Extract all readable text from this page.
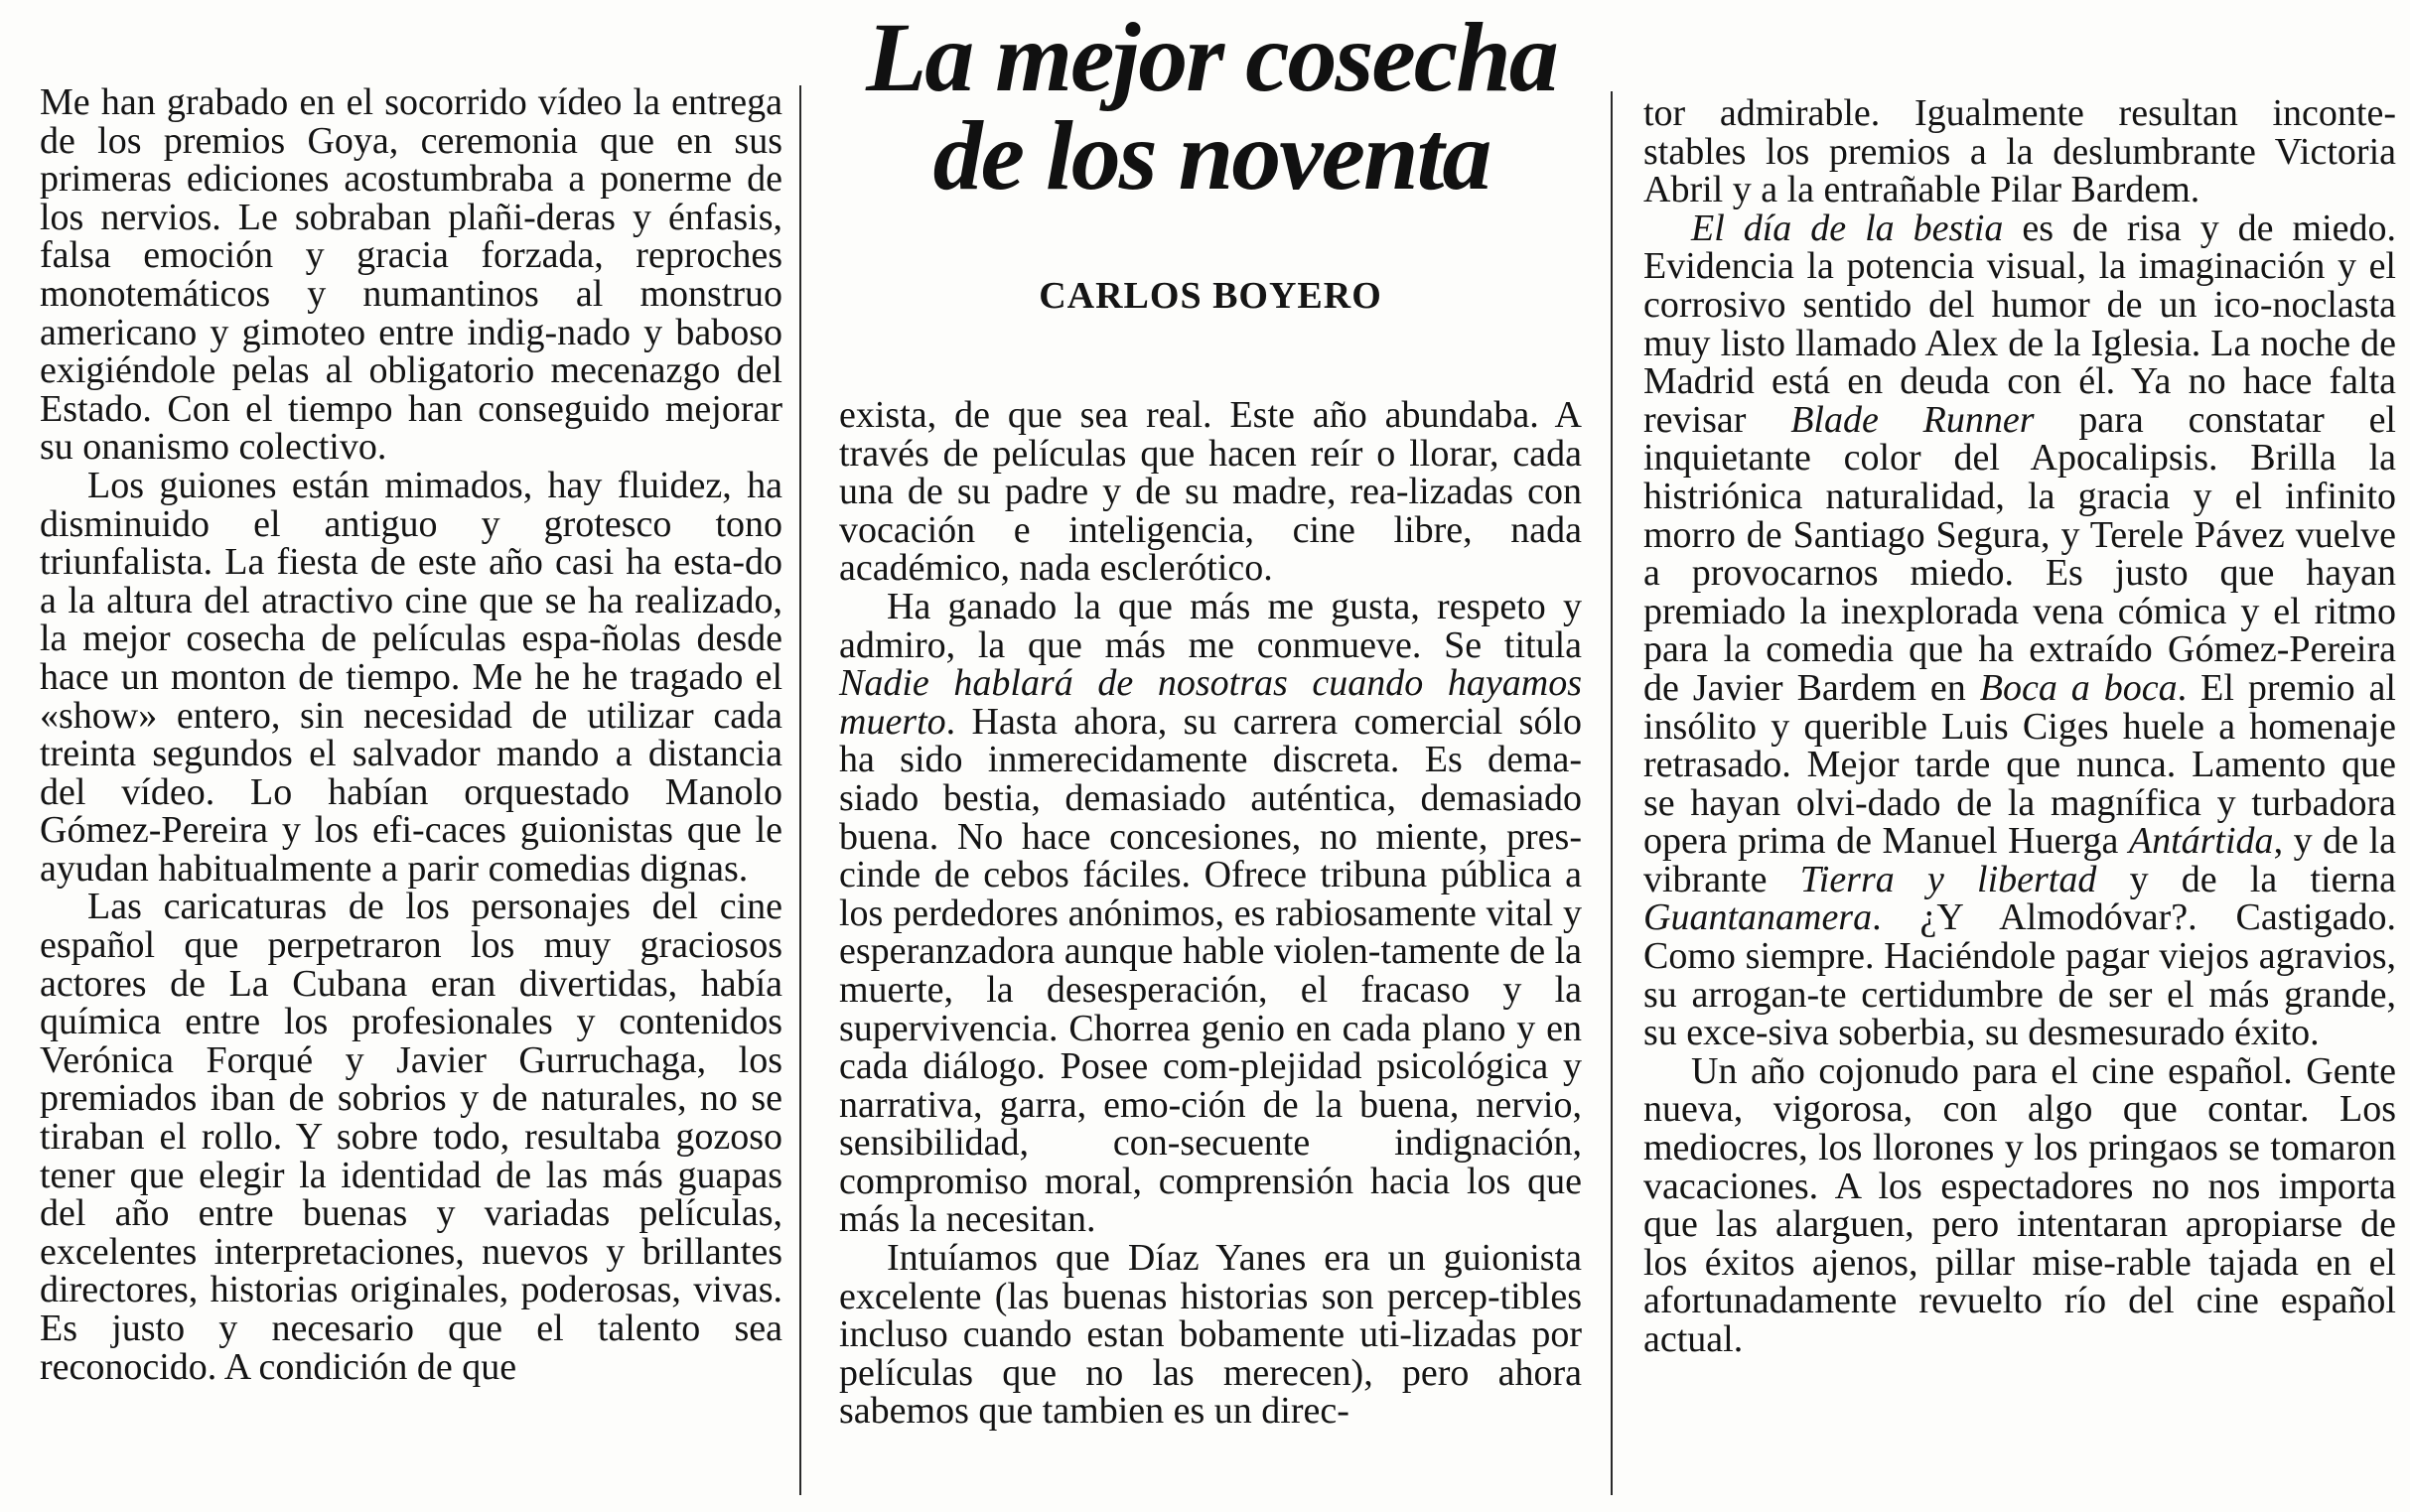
La mejor cosecha de los noventa
CARLOS BOYERO

Me han grabado en el socorrido vídeo la entrega de los premios Goya, ceremonia que en sus primeras ediciones acostumbraba a ponerme de los nervios. Le sobraban plañi-deras y énfasis, falsa emoción y gracia forzada, reproches monotemáticos y numantinos al monstruo americano y gimoteo entre indig-nado y baboso exigiéndole pelas al obligatorio mecenazgo del Estado. Con el tiempo han conseguido mejorar su onanismo colectivo.

Los guiones están mimados, hay fluidez, ha disminuido el antiguo y grotesco tono triunfalista. La fiesta de este año casi ha esta-do a la altura del atractivo cine que se ha realizado, la mejor cosecha de películas espa-ñolas desde hace un monton de tiempo. Me he he tragado el «show» entero, sin necesidad de utilizar cada treinta segundos el salvador mando a distancia del vídeo. Lo habían orquestado Manolo Gómez-Pereira y los efi-caces guionistas que le ayudan habitualmente a parir comedias dignas.

Las caricaturas de los personajes del cine español que perpetraron los muy graciosos actores de La Cubana eran divertidas, había química entre los profesionales y contenidos Verónica Forqué y Javier Gurruchaga, los premiados iban de sobrios y de naturales, no se tiraban el rollo. Y sobre todo, resultaba gozoso tener que elegir la identidad de las más guapas del año entre buenas y variadas películas, excelentes interpretaciones, nuevos y brillantes directores, historias originales, poderosas, vivas. Es justo y necesario que el talento sea reconocido. A condición de que

exista, de que sea real. Este año abundaba. A través de películas que hacen reír o llorar, cada una de su padre y de su madre, rea-lizadas con vocación e inteligencia, cine libre, nada académico, nada esclerótico.

Ha ganado la que más me gusta, respeto y admiro, la que más me conmueve. Se titula Nadie hablará de nosotras cuando hayamos muerto. Hasta ahora, su carrera comercial sólo ha sido inmerecidamente discreta. Es dema-siado bestia, demasiado auténtica, demasiado buena. No hace concesiones, no miente, pres-cinde de cebos fáciles. Ofrece tribuna pública a los perdedores anónimos, es rabiosamente vital y esperanzadora aunque hable violen-tamente de la muerte, la desesperación, el fracaso y la supervivencia. Chorrea genio en cada plano y en cada diálogo. Posee com-plejidad psicológica y narrativa, garra, emo-ción de la buena, nervio, sensibilidad, con-secuente indignación, compromiso moral, comprensión hacia los que más la necesitan.

Intuíamos que Díaz Yanes era un guionista excelente (las buenas historias son percep-tibles incluso cuando estan bobamente uti-lizadas por películas que no las merecen), pero ahora sabemos que tambien es un direc-

tor admirable. Igualmente resultan inconte-stables los premios a la deslumbrante Victoria Abril y a la entrañable Pilar Bardem.

El día de la bestia es de risa y de miedo. Evidencia la potencia visual, la imaginación y el corrosivo sentido del humor de un ico-noclasta muy listo llamado Alex de la Iglesia. La noche de Madrid está en deuda con él. Ya no hace falta revisar Blade Runner para constatar el inquietante color del Apocalipsis. Brilla la histriónica naturalidad, la gracia y el infinito morro de Santiago Segura, y Terele Pávez vuelve a provocarnos miedo. Es justo que hayan premiado la inexplorada vena cómica y el ritmo para la comedia que ha extraído Gómez-Pereira de Javier Bardem en Boca a boca. El premio al insólito y querible Luis Ciges huele a homenaje retrasado. Mejor tarde que nunca. Lamento que se hayan olvi-dado de la magnífica y turbadora opera prima de Manuel Huerga Antártida, y de la vibrante Tierra y libertad y de la tierna Guantanamera. ¿Y Almodóvar?. Castigado. Como siempre. Haciéndole pagar viejos agravios, su arrogan-te certidumbre de ser el más grande, su exce-siva soberbia, su desmesurado éxito.

Un año cojonudo para el cine español. Gente nueva, vigorosa, con algo que contar. Los mediocres, los llorones y los pringaos se tomaron vacaciones. A los espectadores no nos importa que las alarguen, pero intentaran apropiarse de los éxitos ajenos, pillar mise-rable tajada en el afortunadamente revuelto río del cine español actual.
